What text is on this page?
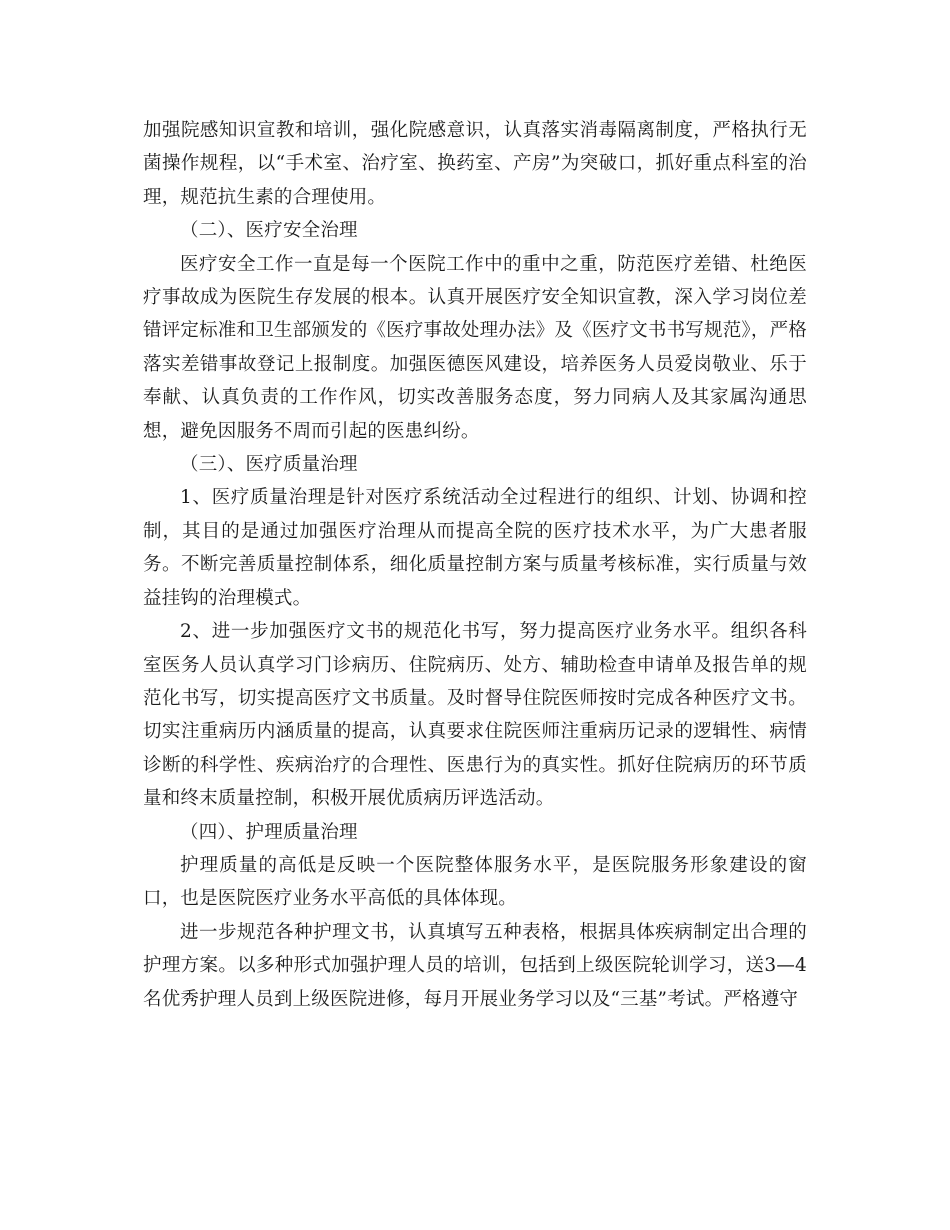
加强院感知识宣教和培训，强化院感意识，认真落实消毒隔离制度，严格执行无菌操作规程，以“手术室、治疗室、换药室、产房”为突破口，抓好重点科室的治理，规范抗生素的合理使用。

（二）、医疗安全治理

医疗安全工作一直是每一个医院工作中的重中之重，防范医疗差错、杜绝医疗事故成为医院生存发展的根本。认真开展医疗安全知识宣教，深入学习岗位差错评定标准和卫生部颁发的《医疗事故处理办法》及《医疗文书书写规范》，严格落实差错事故登记上报制度。加强医德医风建设，培养医务人员爱岗敬业、乐于奉献、认真负责的工作作风，切实改善服务态度，努力同病人及其家属沟通思想，避免因服务不周而引起的医患纠纷。

（三）、医疗质量治理

1、医疗质量治理是针对医疗系统活动全过程进行的组织、计划、协调和控制，其目的是通过加强医疗治理从而提高全院的医疗技术水平，为广大患者服务。不断完善质量控制体系，细化质量控制方案与质量考核标准，实行质量与效益挂钩的治理模式。

2、进一步加强医疗文书的规范化书写，努力提高医疗业务水平。组织各科室医务人员认真学习门诊病历、住院病历、处方、辅助检查申请单及报告单的规范化书写，切实提高医疗文书质量。及时督导住院医师按时完成各种医疗文书。切实注重病历内涵质量的提高，认真要求住院医师注重病历记录的逻辑性、病情诊断的科学性、疾病治疗的合理性、医患行为的真实性。抓好住院病历的环节质量和终末质量控制，积极开展优质病历评选活动。

（四）、护理质量治理

护理质量的高低是反映一个医院整体服务水平，是医院服务形象建设的窗口，也是医院医疗业务水平高低的具体体现。

进一步规范各种护理文书，认真填写五种表格，根据具体疾病制定出合理的护理方案。以多种形式加强护理人员的培训，包括到上级医院轮训学习，送3—4名优秀护理人员到上级医院进修，每月开展业务学习以及“三基”考试。严格遵守
